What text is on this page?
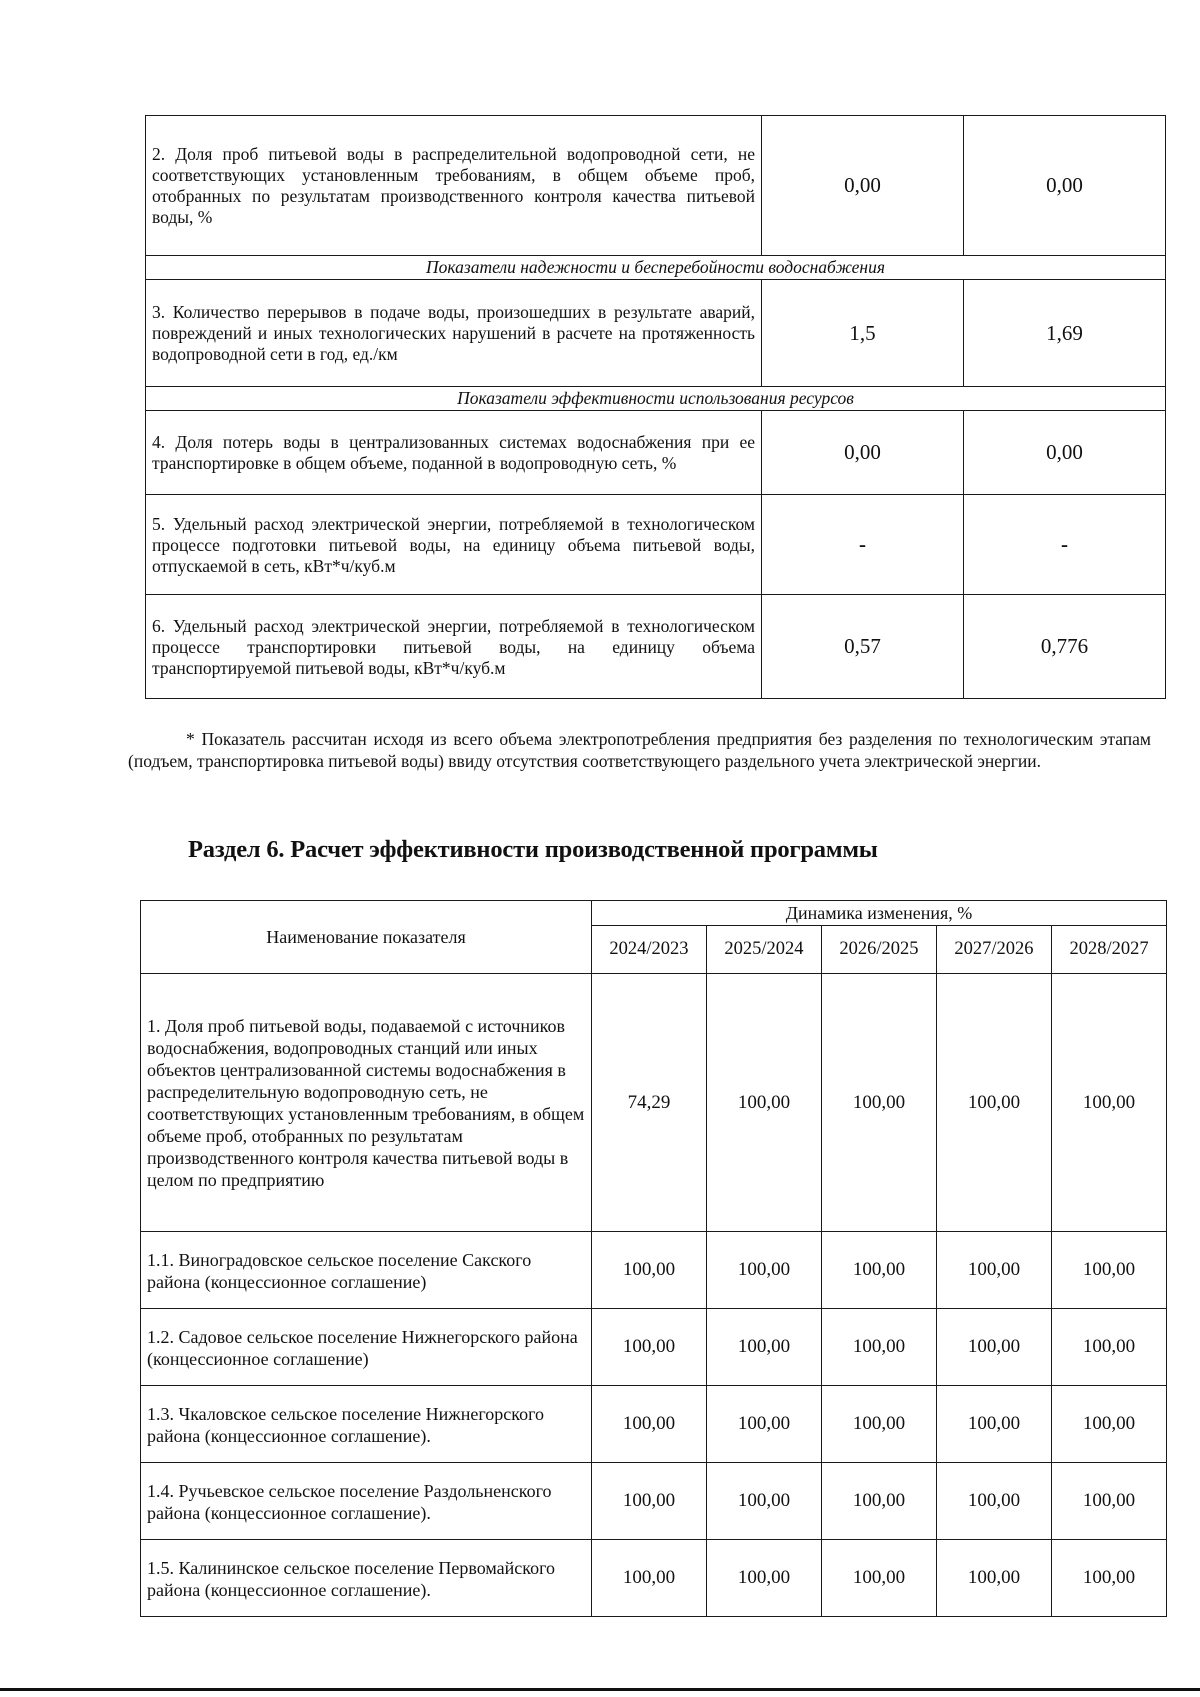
2. Доля проб питьевой воды в распределительной водопроводной сети, не соответствующих установленным требованиям, в общем объеме проб, отобранных по результатам производственного контроля качества питьевой воды, %	0,00	0,00
Показатели надежности и бесперебойности водоснабжения		
3. Количество перерывов в подаче воды, произошедших в результате аварий, повреждений и иных технологических нарушений в расчете на протяженность водопроводной сети в год, ед./км	1,5	1,69
Показатели эффективности использования ресурсов		
4. Доля потерь воды в централизованных системах водоснабжения при ее транспортировке в общем объеме, поданной в водопроводную сеть, %	0,00	0,00
5. Удельный расход электрической энергии, потребляемой в технологическом процессе подготовки питьевой воды, на единицу объема питьевой воды, отпускаемой в сеть, кВт*ч/куб.м	-	-
6. Удельный расход электрической энергии, потребляемой в технологическом процессе транспортировки питьевой воды, на единицу объема транспортируемой питьевой воды, кВт*ч/куб.м	0,57	0,776

* Показатель рассчитан исходя из всего объема электропотребления предприятия без разделения по технологическим этапам (подъем, транспортировка питьевой воды) ввиду отсутствия соответствующего раздельного учета электрической энергии.

Раздел 6. Расчет эффективности производственной программы
Наименование показателя	Динамика изменения, %				
	2024/2023	2025/2024	2026/2025	2027/2026	2028/2027
1. Доля проб питьевой воды, подаваемой с источников водоснабжения, водопроводных станций или иных объектов централизованной системы водоснабжения в распределительную водопроводную сеть, не соответствующих установленным требованиям, в общем объеме проб, отобранных по результатам производственного контроля качества питьевой воды в целом по предприятию	74,29	100,00	100,00	100,00	100,00
1.1. Виноградовское сельское поселение Сакского района (концессионное соглашение)	100,00	100,00	100,00	100,00	100,00
1.2. Садовое сельское поселение Нижнегорского района (концессионное соглашение)	100,00	100,00	100,00	100,00	100,00
1.3. Чкаловское сельское поселение Нижнегорского района (концессионное соглашение).	100,00	100,00	100,00	100,00	100,00
1.4. Ручьевское сельское поселение Раздольненского района (концессионное соглашение).	100,00	100,00	100,00	100,00	100,00
1.5. Калининское сельское поселение Первомайского района (концессионное соглашение).	100,00	100,00	100,00	100,00	100,00
